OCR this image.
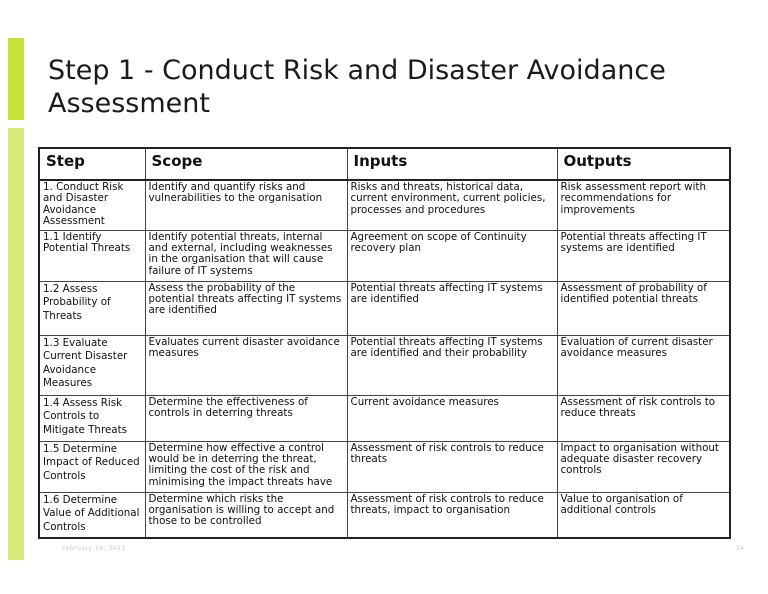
Step 1 - Conduct Risk and Disaster Avoidance Assessment
Step	Scope	Inputs	Outputs
1. Conduct Risk and Disaster Avoidance Assessment	Identify and quantify risks and vulnerabilities to the organisation	Risks and threats, historical data, current environment, current policies, processes and procedures	Risk assessment report with recommendations for improvements
1.1 Identify Potential Threats	Identify potential threats, internal and external, including weaknesses in the organisation that will cause failure of IT systems	Agreement on scope of Continuity recovery plan	Potential threats affecting IT systems are identified
1.2 Assess Probability of Threats	Assess the probability of the potential threats affecting IT systems are identified	Potential threats affecting IT systems are identified	Assessment of probability of identified potential threats
1.3 Evaluate Current Disaster Avoidance Measures	Evaluates current disaster avoidance measures	Potential threats affecting IT systems are identified and their probability	Evaluation of current disaster avoidance measures
1.4 Assess Risk Controls to Mitigate Threats	Determine the effectiveness of controls in deterring threats	Current avoidance measures	Assessment of risk controls to reduce threats
1.5 Determine Impact of Reduced Controls	Determine how effective a control would be in deterring the threat, limiting the cost of the risk and minimising the impact threats have	Assessment of risk controls to reduce threats	Impact to organisation without adequate disaster recovery controls
1.6 Determine Value of Additional Controls	Determine which risks the organisation is willing to accept and those to be controlled	Assessment of risk controls to reduce threats, impact to organisation	Value to organisation of additional controls
February 16, 2021	14
